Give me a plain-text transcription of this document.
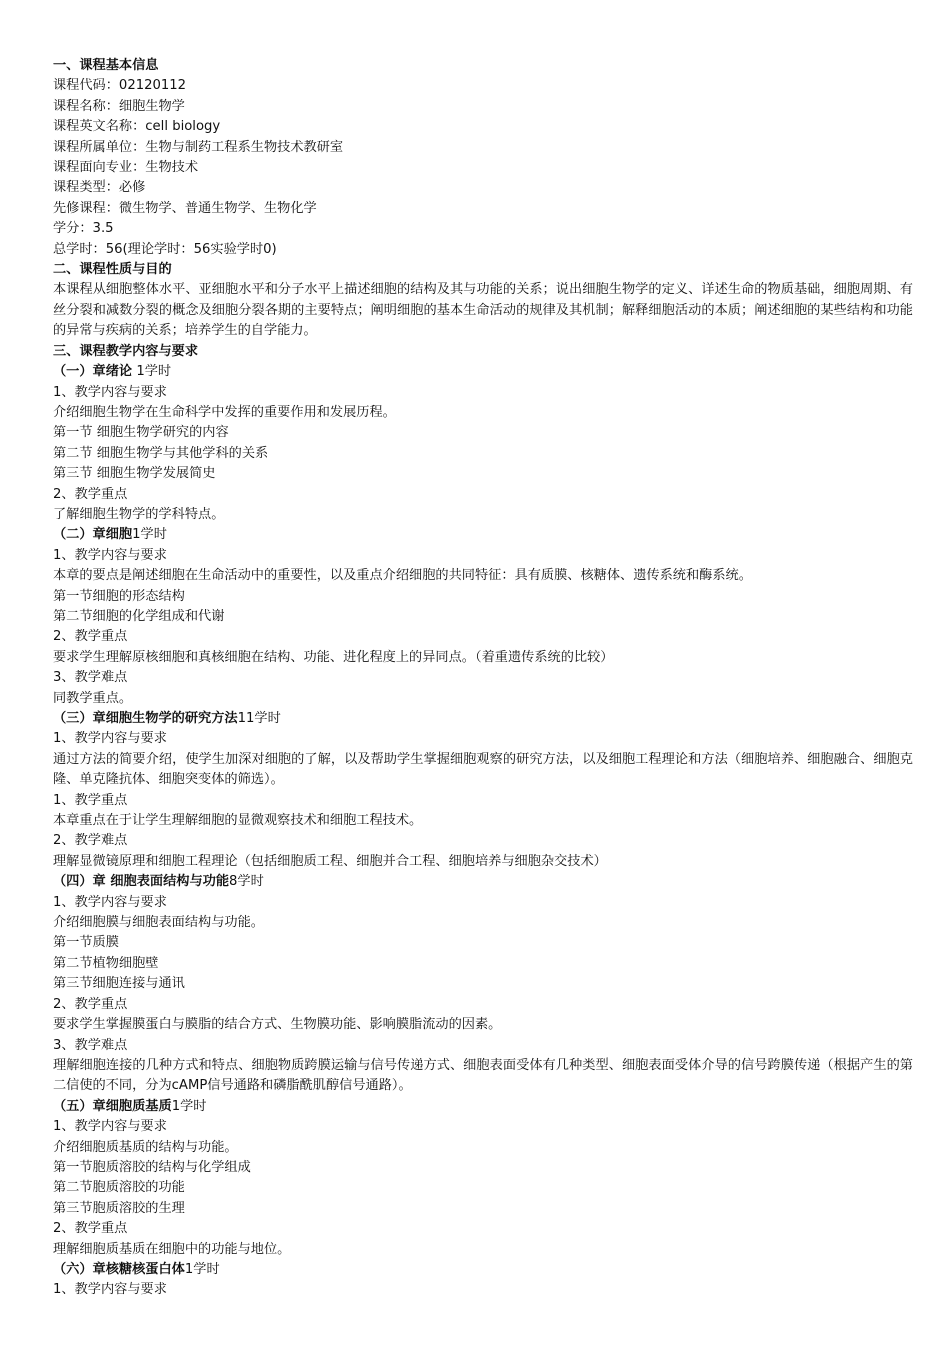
一、课程基本信息
课程代码：02120112
课程名称：细胞生物学
课程英文名称：cell biology
课程所属单位：生物与制药工程系生物技术教研室
课程面向专业：生物技术
课程类型：必修
先修课程：微生物学、普通生物学、生物化学
学分：3.5
总学时：56(理论学时：56实验学时0)
二、课程性质与目的
本课程从细胞整体水平、亚细胞水平和分子水平上描述细胞的结构及其与功能的关系；说出细胞生物学的定义、详述生命的物质基础，细胞周期、有丝分裂和减数分裂的概念及细胞分裂各期的主要特点；阐明细胞的基本生命活动的规律及其机制；解释细胞活动的本质；阐述细胞的某些结构和功能的异常与疾病的关系；培养学生的自学能力。
三、课程教学内容与要求
（一）章绪论 1学时
1、教学内容与要求
介绍细胞生物学在生命科学中发挥的重要作用和发展历程。
第一节 细胞生物学研究的内容
第二节 细胞生物学与其他学科的关系
第三节 细胞生物学发展简史
2、教学重点
了解细胞生物学的学科特点。
（二）章细胞1学时
1、教学内容与要求
本章的要点是阐述细胞在生命活动中的重要性，以及重点介绍细胞的共同特征：具有质膜、核糖体、遗传系统和酶系统。
第一节细胞的形态结构
第二节细胞的化学组成和代谢
2、教学重点
要求学生理解原核细胞和真核细胞在结构、功能、进化程度上的异同点。（着重遗传系统的比较）
3、教学难点
同教学重点。
（三）章细胞生物学的研究方法11学时
1、教学内容与要求
通过方法的简要介绍，使学生加深对细胞的了解，以及帮助学生掌握细胞观察的研究方法，以及细胞工程理论和方法（细胞培养、细胞融合、细胞克隆、单克隆抗体、细胞突变体的筛选）。
1、教学重点
本章重点在于让学生理解细胞的显微观察技术和细胞工程技术。
2、教学难点
理解显微镜原理和细胞工程理论（包括细胞质工程、细胞并合工程、细胞培养与细胞杂交技术）
（四）章 细胞表面结构与功能8学时
1、教学内容与要求
介绍细胞膜与细胞表面结构与功能。
第一节质膜
第二节植物细胞壁
第三节细胞连接与通讯
2、教学重点
要求学生掌握膜蛋白与膜脂的结合方式、生物膜功能、影响膜脂流动的因素。
3、教学难点
理解细胞连接的几种方式和特点、细胞物质跨膜运输与信号传递方式、细胞表面受体有几种类型、细胞表面受体介导的信号跨膜传递（根据产生的第二信使的不同，分为cAMP信号通路和磷脂酰肌醇信号通路）。
（五）章细胞质基质1学时
1、教学内容与要求
介绍细胞质基质的结构与功能。
第一节胞质溶胶的结构与化学组成
第二节胞质溶胶的功能
第三节胞质溶胶的生理
2、教学重点
理解细胞质基质在细胞中的功能与地位。
（六）章核糖核蛋白体1学时
1、教学内容与要求
